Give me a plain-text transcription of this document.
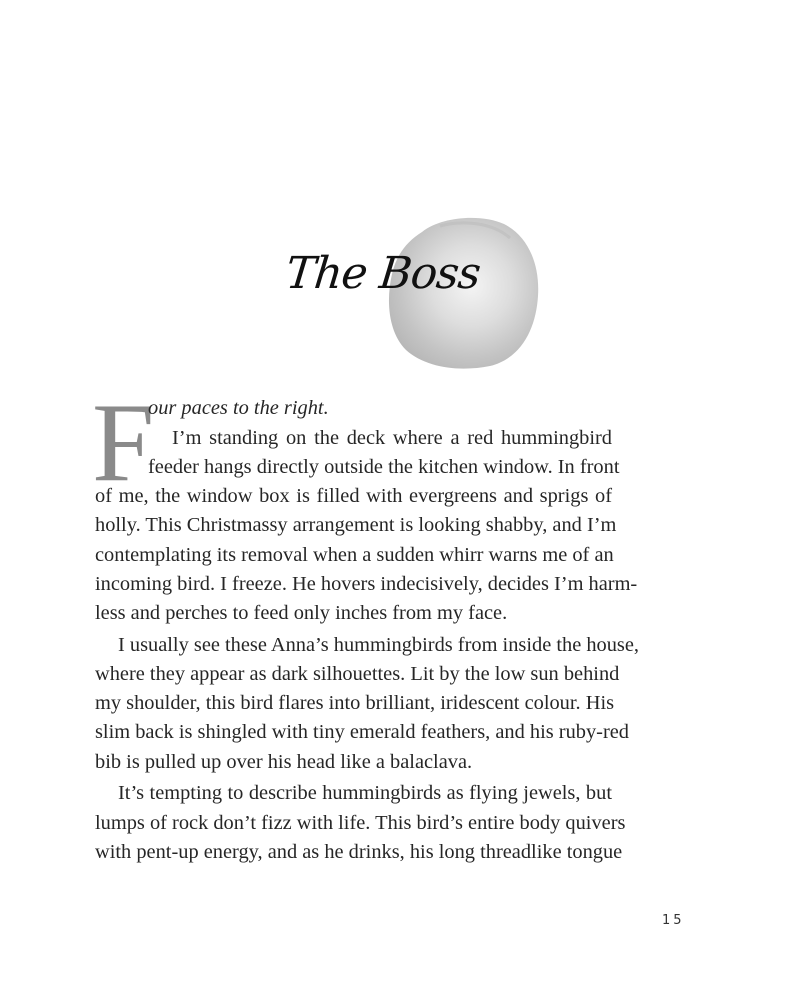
The Boss
F
our paces to the right.
I’m standing on the deck where a red hummingbird
feeder hangs directly outside the kitchen window. In front
of me, the window box is filled with evergreens and sprigs of
holly. This Christmassy arrangement is looking shabby, and I’m
contemplating its removal when a sudden whirr warns me of an
incoming bird. I freeze. He hovers indecisively, decides I’m harm-
less and perches to feed only inches from my face.
I usually see these Anna’s hummingbirds from inside the house,
where they appear as dark silhouettes. Lit by the low sun behind
my shoulder, this bird flares into brilliant, iridescent colour. His
slim back is shingled with tiny emerald feathers, and his ruby-red
bib is pulled up over his head like a balaclava.
It’s tempting to describe hummingbirds as flying jewels, but
lumps of rock don’t fizz with life. This bird’s entire body quivers
with pent-up energy, and as he drinks, his long threadlike tongue
15
